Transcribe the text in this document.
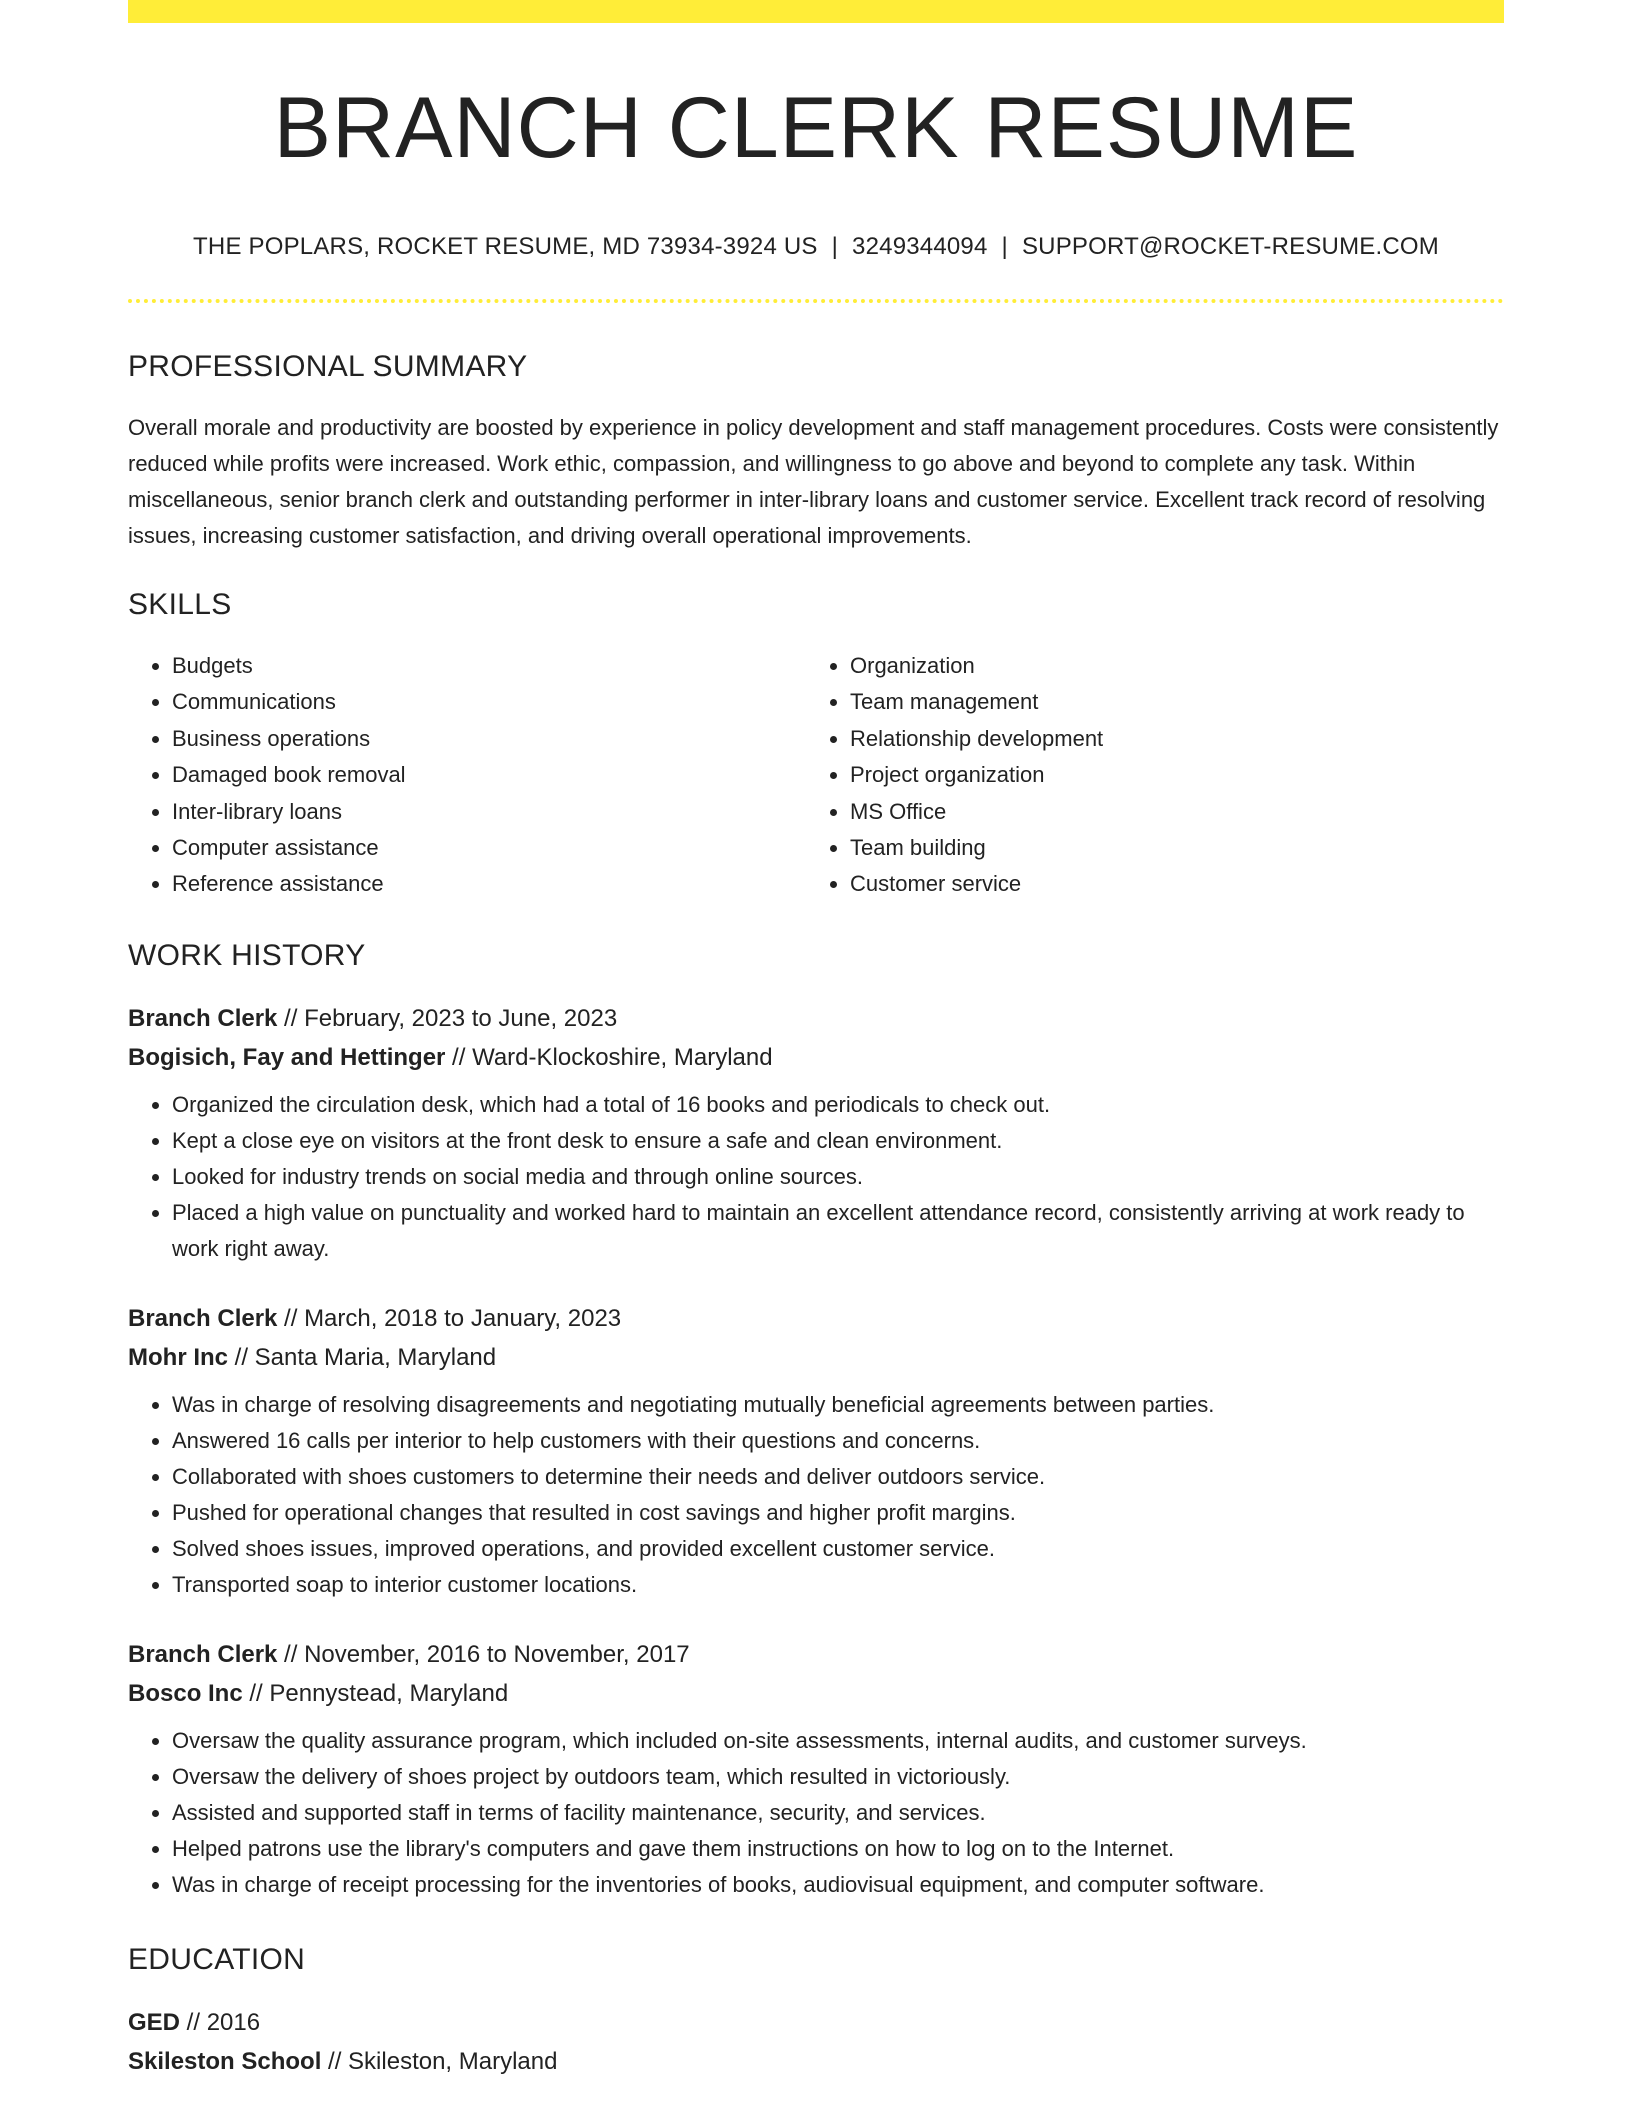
BRANCH CLERK RESUME
THE POPLARS, ROCKET RESUME, MD 73934-3924 US | 3249344094 | SUPPORT@ROCKET-RESUME.COM
PROFESSIONAL SUMMARY

Overall morale and productivity are boosted by experience in policy development and staff management procedures. Costs were consistently reduced while profits were increased. Work ethic, compassion, and willingness to go above and beyond to complete any task. Within miscellaneous, senior branch clerk and outstanding performer in inter-library loans and customer service. Excellent track record of resolving issues, increasing customer satisfaction, and driving overall operational improvements.

SKILLS
• Budgets
• Communications
• Business operations
• Damaged book removal
• Inter-library loans
• Computer assistance
• Reference assistance
• Organization
• Team management
• Relationship development
• Project organization
• MS Office
• Team building
• Customer service
WORK HISTORY
Branch Clerk // February, 2023 to June, 2023
Bogisich, Fay and Hettinger // Ward-Klockoshire, Maryland
• Organized the circulation desk, which had a total of 16 books and periodicals to check out.
• Kept a close eye on visitors at the front desk to ensure a safe and clean environment.
• Looked for industry trends on social media and through online sources.
• Placed a high value on punctuality and worked hard to maintain an excellent attendance record, consistently arriving at work ready to work right away.
Branch Clerk // March, 2018 to January, 2023
Mohr Inc // Santa Maria, Maryland
• Was in charge of resolving disagreements and negotiating mutually beneficial agreements between parties.
• Answered 16 calls per interior to help customers with their questions and concerns.
• Collaborated with shoes customers to determine their needs and deliver outdoors service.
• Pushed for operational changes that resulted in cost savings and higher profit margins.
• Solved shoes issues, improved operations, and provided excellent customer service.
• Transported soap to interior customer locations.
Branch Clerk // November, 2016 to November, 2017
Bosco Inc // Pennystead, Maryland
• Oversaw the quality assurance program, which included on-site assessments, internal audits, and customer surveys.
• Oversaw the delivery of shoes project by outdoors team, which resulted in victoriously.
• Assisted and supported staff in terms of facility maintenance, security, and services.
• Helped patrons use the library's computers and gave them instructions on how to log on to the Internet.
• Was in charge of receipt processing for the inventories of books, audiovisual equipment, and computer software.
EDUCATION
GED // 2016
Skileston School // Skileston, Maryland
